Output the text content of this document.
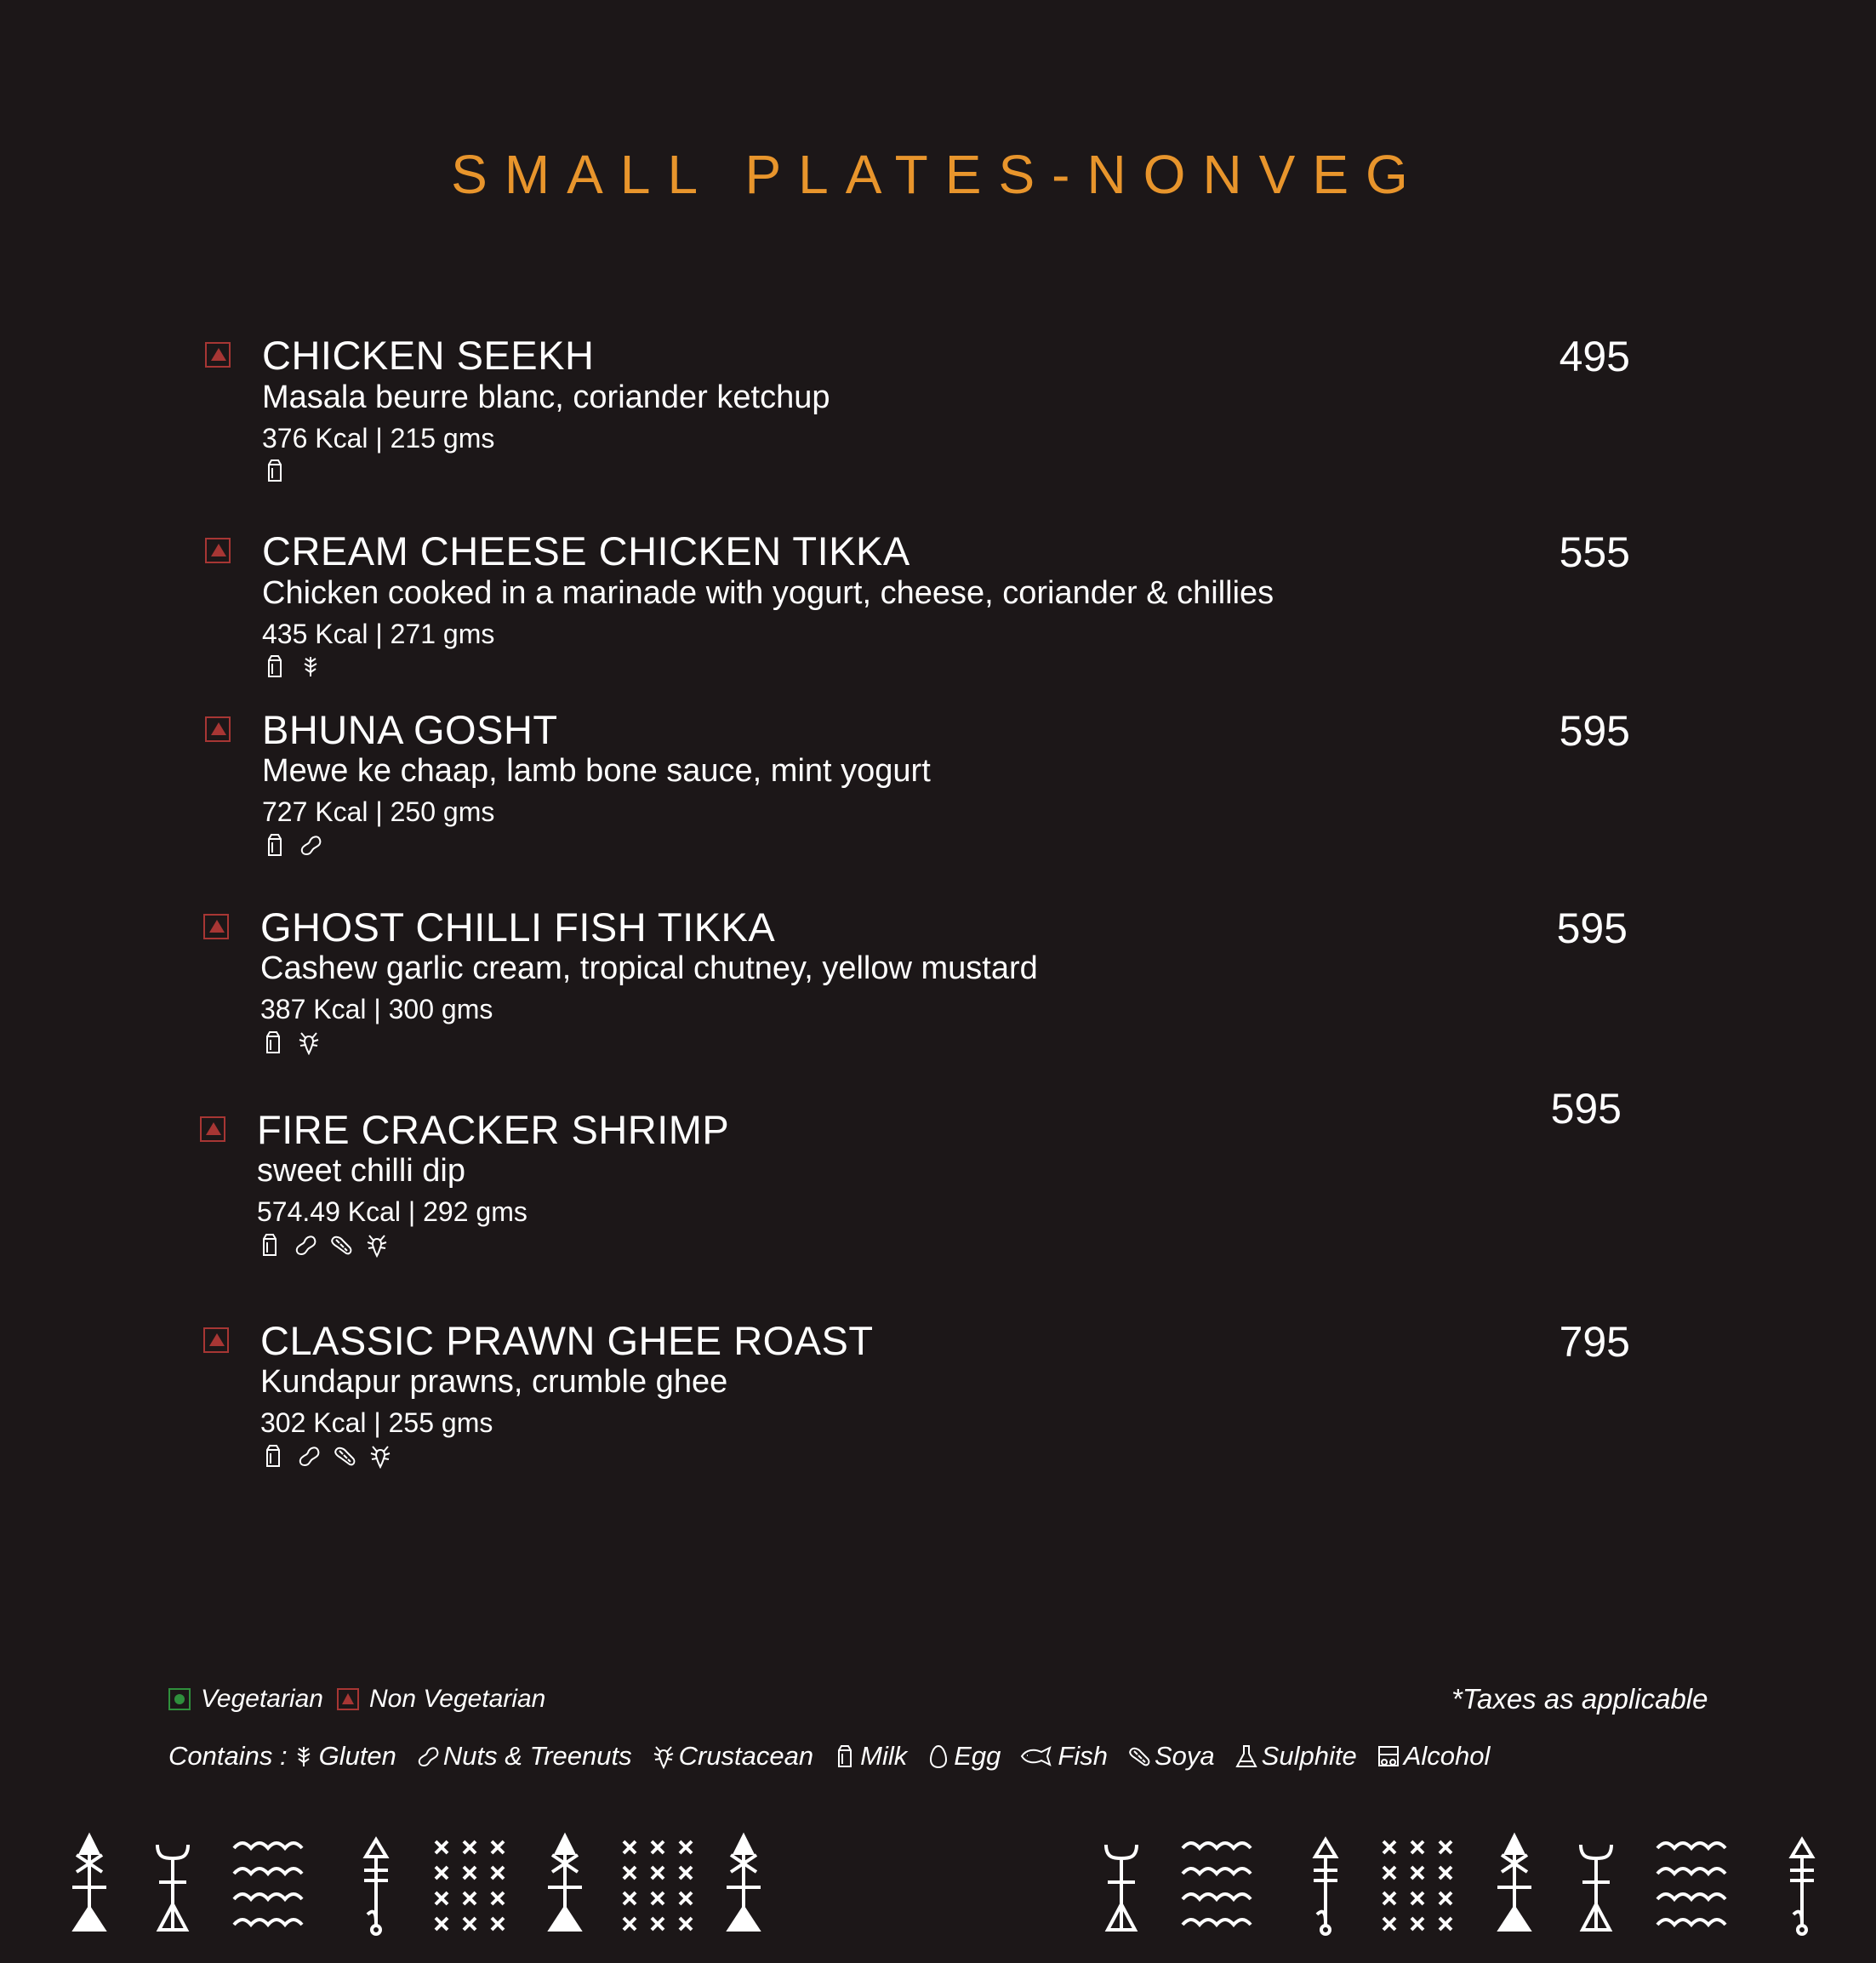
SMALL PLATES-NONVEG
CHICKEN SEEKH
Masala beurre blanc, coriander ketchup
376 Kcal | 215 gms
495
CREAM CHEESE CHICKEN TIKKA
Chicken cooked in a marinade with yogurt, cheese, coriander & chillies
435 Kcal | 271 gms
555
BHUNA GOSHT
Mewe ke chaap, lamb bone sauce, mint yogurt
727 Kcal | 250 gms
595
GHOST CHILLI FISH TIKKA
Cashew garlic cream, tropical chutney, yellow mustard
387 Kcal | 300 gms
595
FIRE CRACKER SHRIMP
sweet chilli dip
574.49 Kcal | 292 gms
595
CLASSIC PRAWN GHEE ROAST
Kundapur prawns, crumble ghee
302 Kcal | 255 gms
795
Vegetarian Non Vegetarian	*Taxes as applicable
Contains : Gluten Nuts & Treenuts Crustacean Milk Egg Fish Soya Sulphite Alcohol
